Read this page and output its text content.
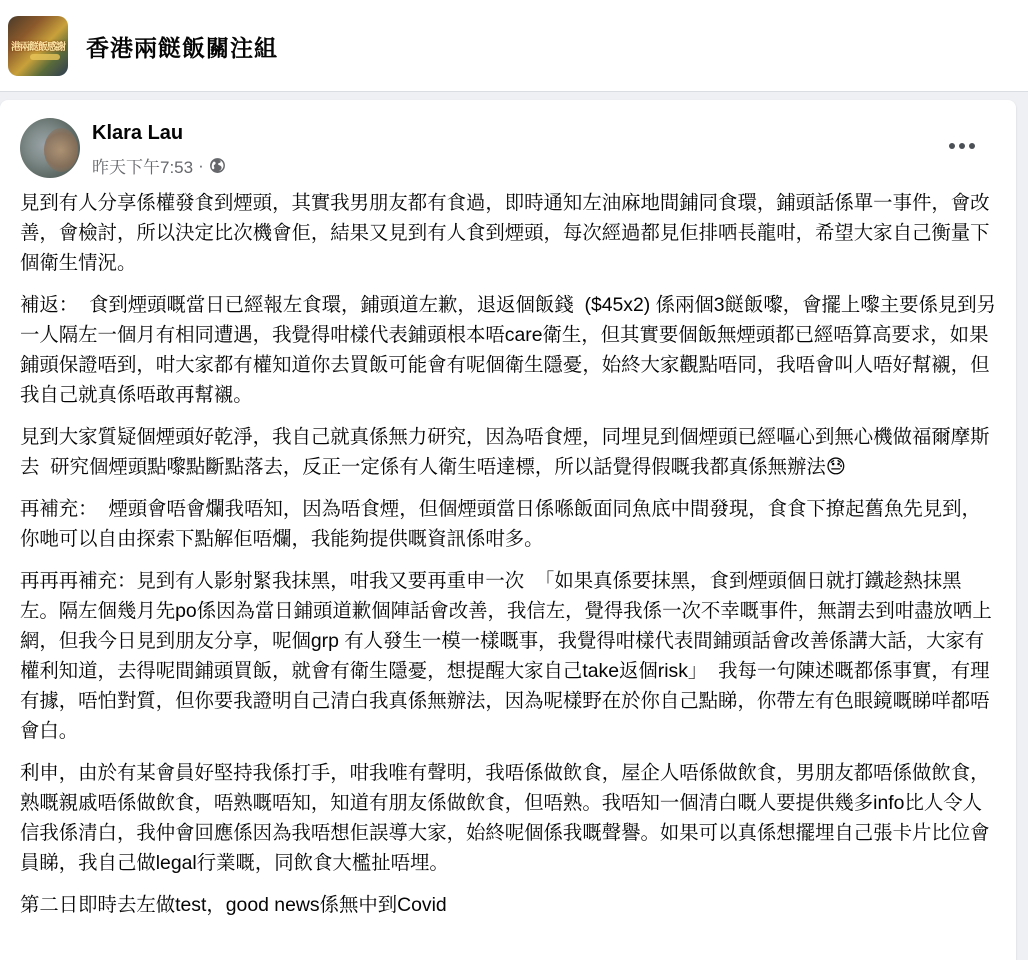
港兩餸飯感謝 香港兩餸飯關注組
Klara Lau
昨天下午7:53 ·

見到有人分享係權發食到煙頭，其實我男朋友都有食過，即時通知左油麻地間鋪同食環，鋪頭話係單一事件，會改善，會檢討，所以決定比次機會佢，結果又見到有人食到煙頭，每次經過都見佢排哂長龍咁，希望大家自己衡量下  個衛生情況。

補返：  食到煙頭嘅當日已經報左食環，鋪頭道左歉，退返個飯錢  ($45x2) 係兩個3餸飯嚟，會擺上嚟主要係見到另一人隔左一個月有相同遭遇，我覺得咁樣代表鋪頭根本唔care衛生，但其實要個飯無煙頭都已經唔算高要求，如果鋪頭保證唔到，咁大家都有權知道你去買飯可能會有呢個衛生隱憂，始終大家觀點唔同，我唔會叫人唔好幫襯，但我自己就真係唔敢再幫襯。

見到大家質疑個煙頭好乾淨，我自己就真係無力研究，因為唔食煙，同埋見到個煙頭已經嘔心到無心機做福爾摩斯去  研究個煙頭點嚟點斷點落去，反正一定係有人衛生唔達標，所以話覺得假嘅我都真係無辦法😓

再補充：  煙頭會唔會爛我唔知，因為唔食煙，但個煙頭當日係喺飯面同魚底中間發現，食食下撩起舊魚先見到，你哋可以自由探索下點解佢唔爛，我能夠提供嘅資訊係咁多。

再再再補充：見到有人影射緊我抹黑，咁我又要再重申一次  「如果真係要抹黑，食到煙頭個日就打鐵趁熱抹黑左。隔左個幾月先po係因為當日鋪頭道歉個陣話會改善，我信左，覺得我係一次不幸嘅事件，無謂去到咁盡放哂上網，但我今日見到朋友分享，呢個grp 有人發生一模一樣嘅事，我覺得咁樣代表間鋪頭話會改善係講大話，大家有權利知道，去得呢間鋪頭買飯，就會有衛生隱憂，想提醒大家自己take返個risk」  我每一句陳述嘅都係事實，有理有據，唔怕對質，但你要我證明自己清白我真係無辦法，因為呢樣野在於你自己點睇，你帶左有色眼鏡嘅睇咩都唔會白。

利申，由於有某會員好堅持我係打手，咁我唯有聲明，我唔係做飲食，屋企人唔係做飲食，男朋友都唔係做飲食，熟嘅親戚唔係做飲食，唔熟嘅唔知，知道有朋友係做飲食，但唔熟。我唔知一個清白嘅人要提供幾多info比人令人信我係清白，我仲會回應係因為我唔想佢誤導大家，始終呢個係我嘅聲譽。如果可以真係想擺埋自己張卡片比位會員睇，我自己做legal行業嘅，同飲食大檻扯唔埋。

第二日即時去左做test，good news係無中到Covid
